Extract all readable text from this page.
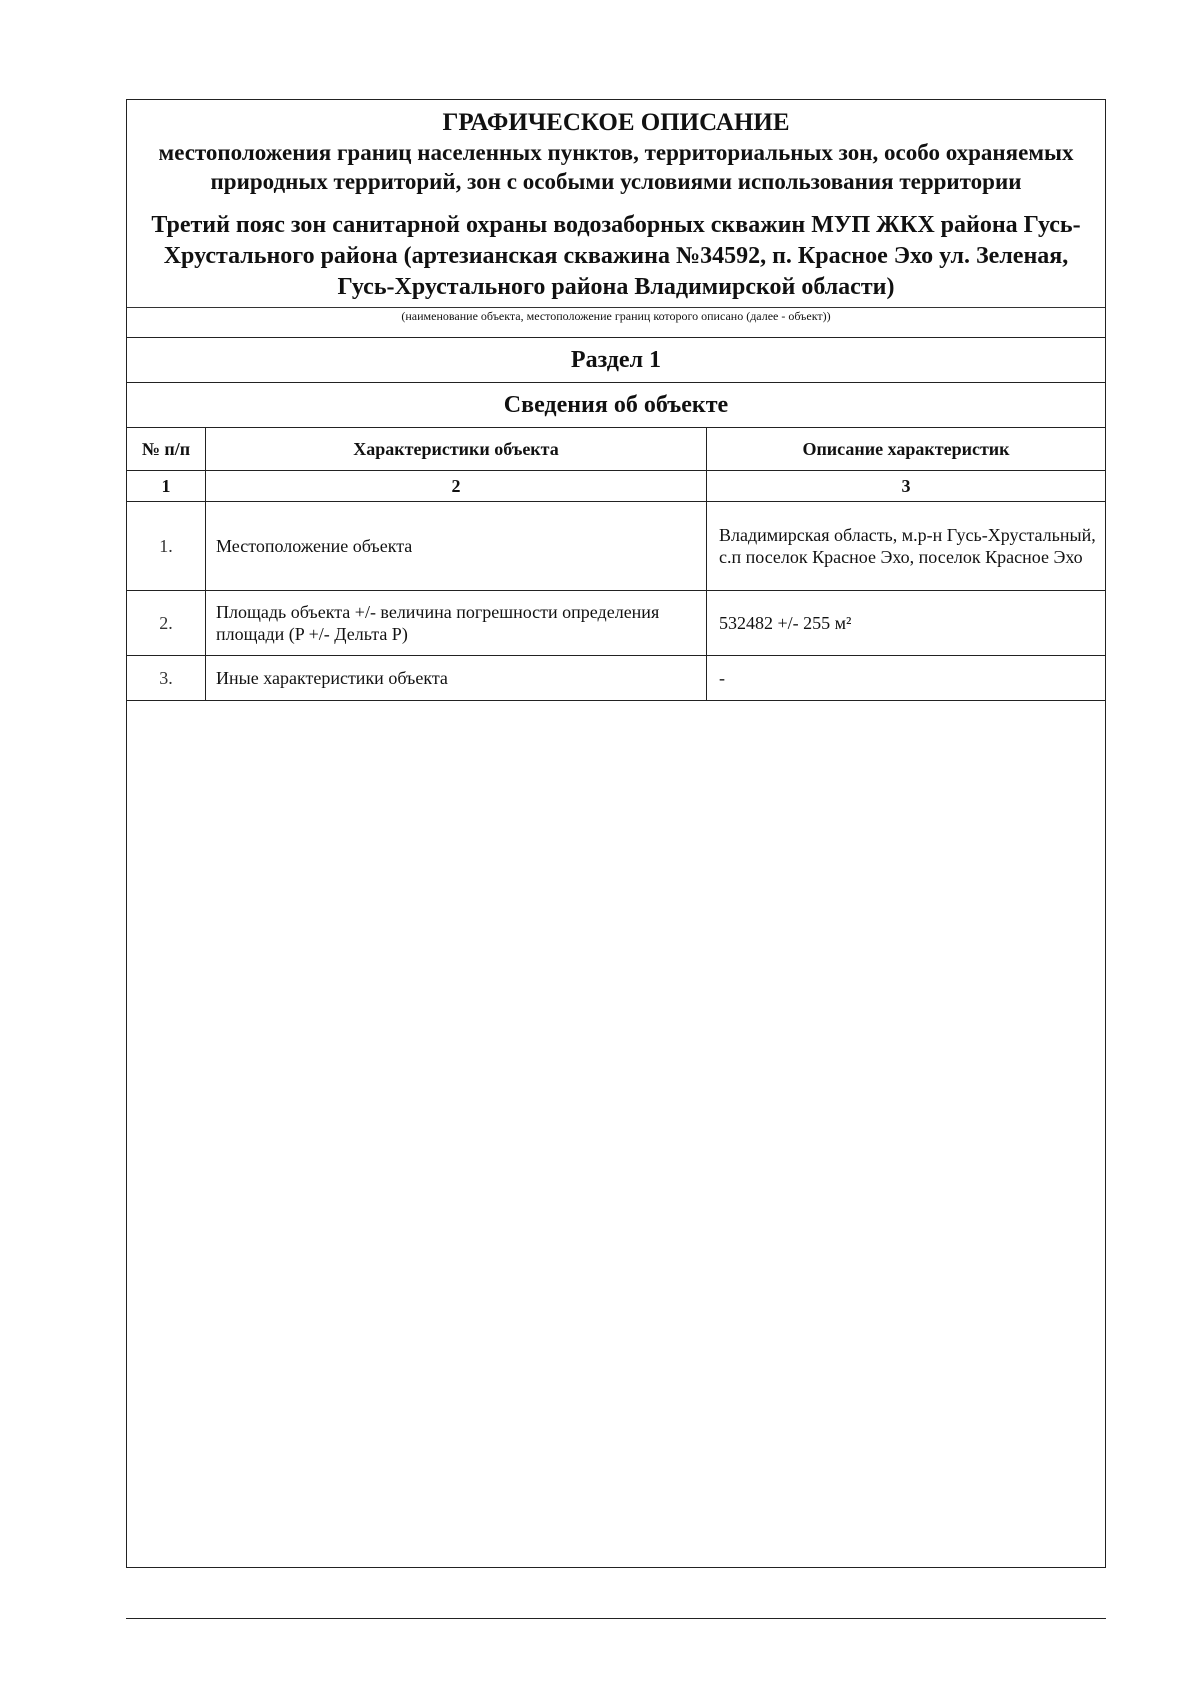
ГРАФИЧЕСКОЕ ОПИСАНИЕ

местоположения границ населенных пунктов, территориальных зон, особо охраняемых природных территорий, зон с особыми условиями использования территории

Третий пояс зон санитарной охраны водозаборных скважин МУП ЖКХ района Гусь-Хрустального района (артезианская скважина №34592, п. Красное Эхо ул. Зеленая, Гусь-Хрустального района Владимирской области)

(наименование объекта, местоположение границ которого описано (далее - объект))
Раздел 1
Сведения об объекте
№ п/п	Характеристики объекта	Описание характеристик
1	2	3
1.	Местоположение объекта	Владимирская область, м.р-н Гусь-Хрустальный, с.п поселок Красное Эхо, поселок Красное Эхо
2.	Площадь объекта +/- величина погрешности определения площади (P +/- Дельта P)	532482 +/- 255 м²
3.	Иные характеристики объекта	-
